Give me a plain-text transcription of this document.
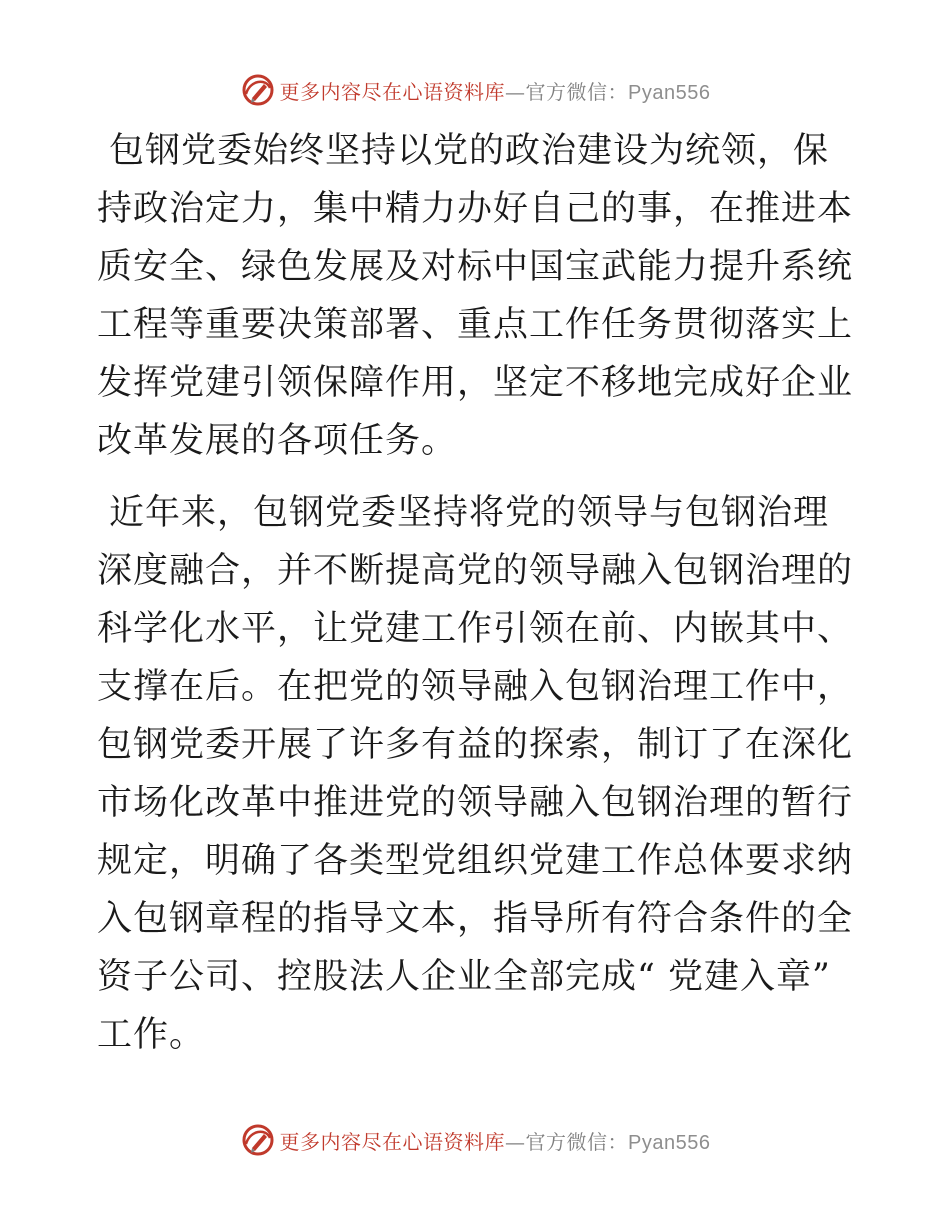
更多内容尽在心语资料库—官方微信：Pyan556

包钢党委始终坚持以党的政治建设为统领，保持政治定力，集中精力办好自己的事，在推进本质安全、绿色发展及对标中国宝武能力提升系统工程等重要决策部署、重点工作任务贯彻落实上发挥党建引领保障作用，坚定不移地完成好企业改革发展的各项任务。

近年来，包钢党委坚持将党的领导与包钢治理深度融合，并不断提高党的领导融入包钢治理的科学化水平，让党建工作引领在前、内嵌其中、支撑在后。在把党的领导融入包钢治理工作中，包钢党委开展了许多有益的探索，制订了在深化市场化改革中推进党的领导融入包钢治理的暂行规定，明确了各类型党组织党建工作总体要求纳入包钢章程的指导文本，指导所有符合条件的全资子公司、控股法人企业全部完成“ 党建入章” 工作。

更多内容尽在心语资料库—官方微信：Pyan556
